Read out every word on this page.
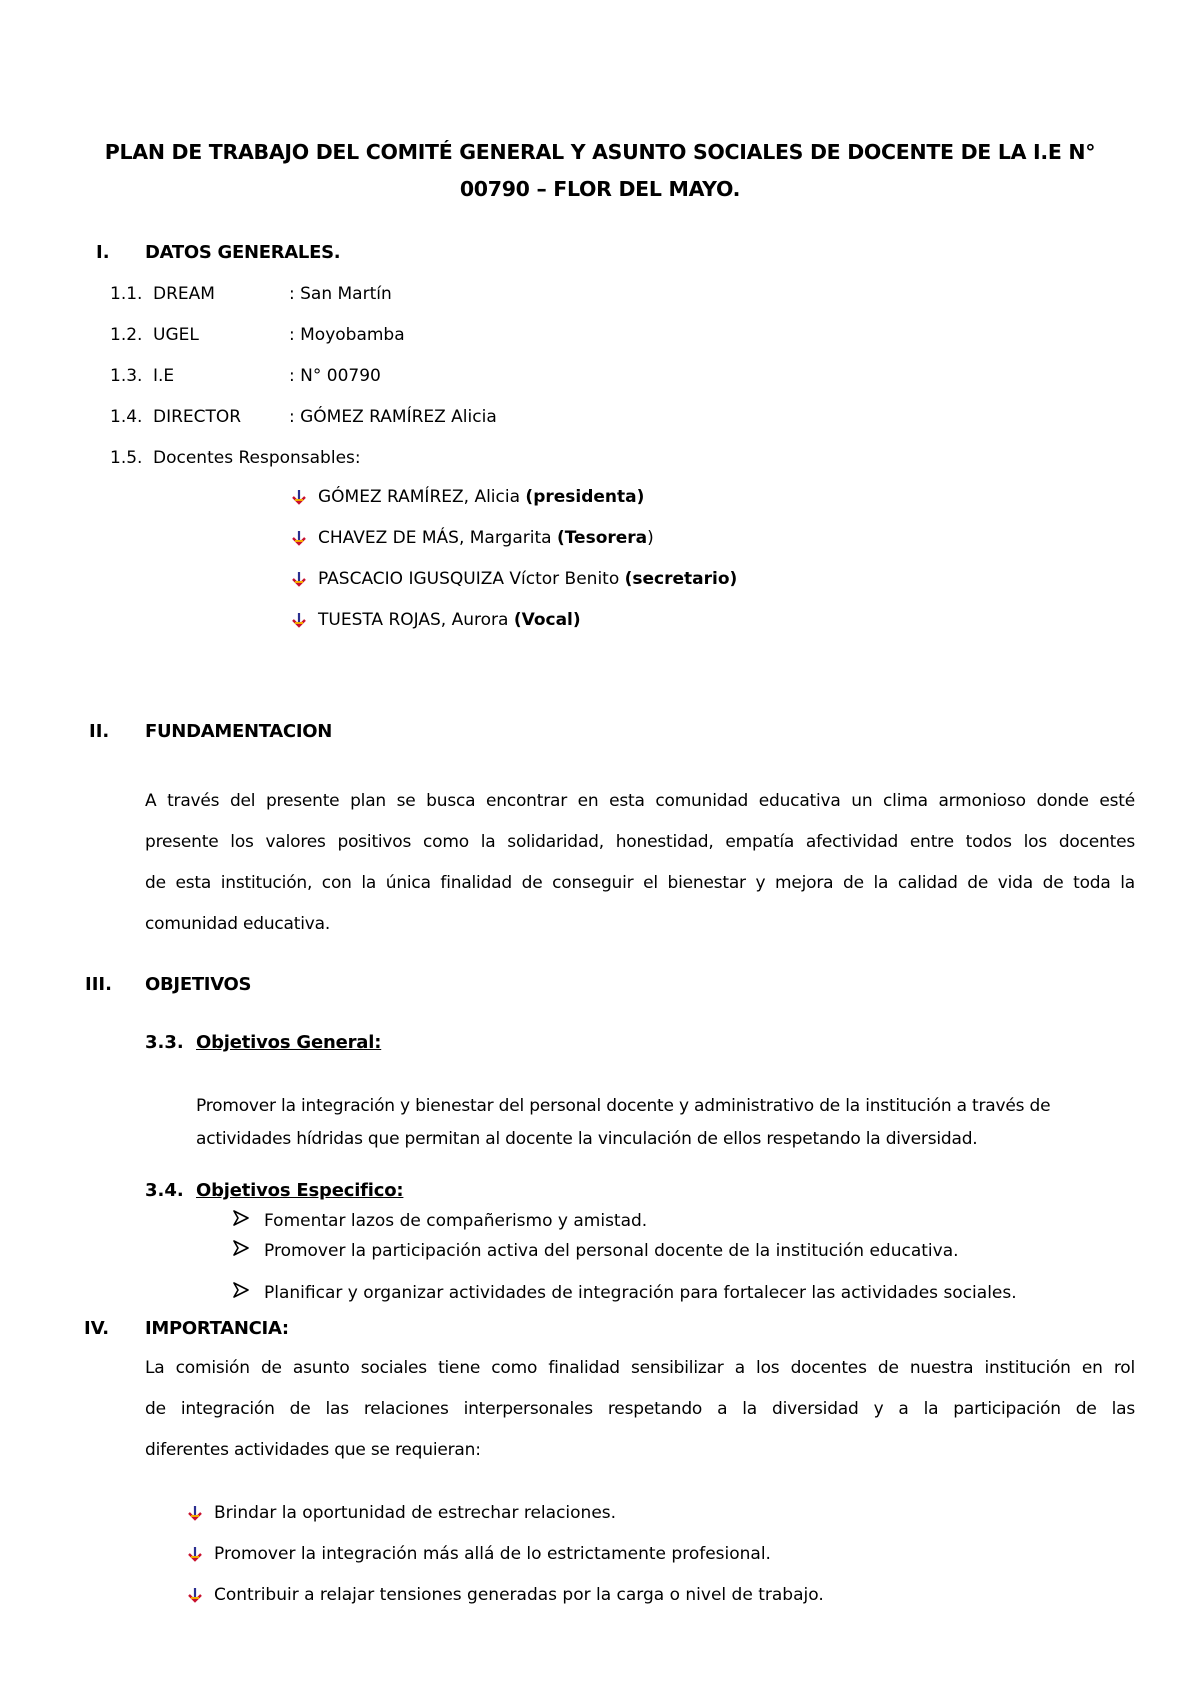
PLAN DE TRABAJO DEL COMITÉ GENERAL Y ASUNTO SOCIALES DE DOCENTE DE LA I.E N°
00790 – FLOR DEL MAYO.
I. DATOS GENERALES.
1.1. DREAM	: San Martín
1.2. UGEL	: Moyobamba
1.3. I.E	: N° 00790
1.4. DIRECTOR	: GÓMEZ RAMÍREZ Alicia
1.5. Docentes Responsables:
GÓMEZ RAMÍREZ, Alicia (presidenta)
CHAVEZ DE MÁS, Margarita (Tesorera)
PASCACIO IGUSQUIZA Víctor Benito (secretario)
TUESTA ROJAS, Aurora (Vocal)
II. FUNDAMENTACION
A través del presente plan se busca encontrar en esta comunidad educativa un clima armonioso donde esté
presente los valores positivos como la solidaridad, honestidad, empatía afectividad entre todos los docentes
de esta institución, con la única finalidad de conseguir el bienestar y mejora de la calidad de vida de toda la
comunidad educativa.
III. OBJETIVOS
3.3. Objetivos General:
Promover la integración y bienestar del personal docente y administrativo de la institución a través de
actividades hídridas que permitan al docente la vinculación de ellos respetando la diversidad.
3.4. Objetivos Especifico:
Fomentar lazos de compañerismo y amistad.
Promover la participación activa del personal docente de la institución educativa.
Planificar y organizar actividades de integración para fortalecer las actividades sociales.
IV. IMPORTANCIA:
La comisión de asunto sociales tiene como finalidad sensibilizar a los docentes de nuestra institución en rol
de integración de las relaciones interpersonales respetando a la diversidad y a la participación de las
diferentes actividades que se requieran:
Brindar la oportunidad de estrechar relaciones.
Promover la integración más allá de lo estrictamente profesional.
Contribuir a relajar tensiones generadas por la carga o nivel de trabajo.
